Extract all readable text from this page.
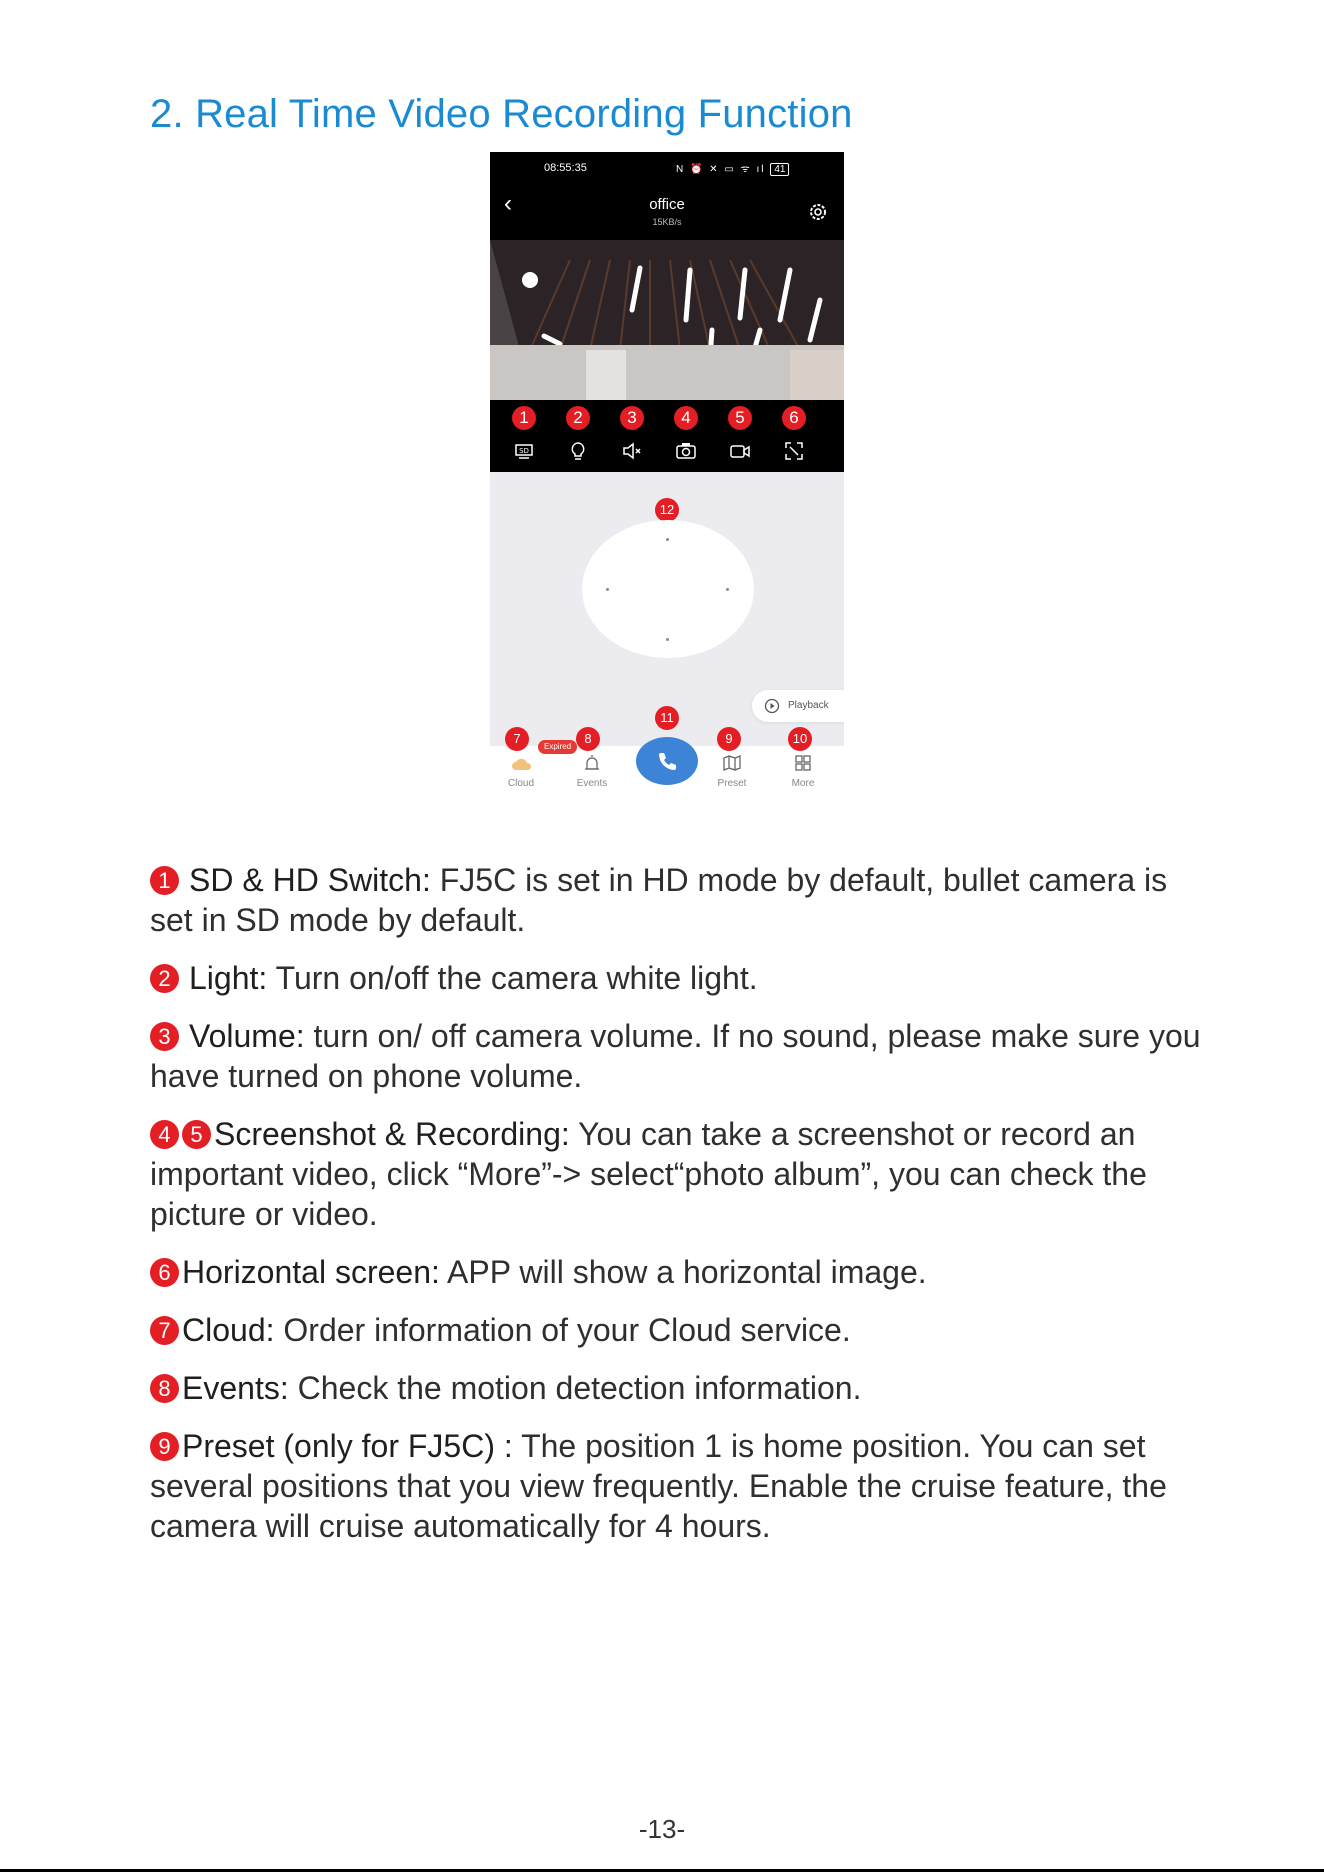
2. Real Time Video Recording Function
08:55:35	N ⏰ ✕ ▭ ᯤ ıl 41
‹	office
15KB/s
1	2	3	4	5	6
SD
12
Playback
11
Cloud	Events	Preset	More
Expired
7	8	9	10

1 SD & HD Switch: FJ5C is set in HD mode by default, bullet camera is set in SD mode by default.

2 Light: Turn on/off the camera white light.

3 Volume: turn on/ off camera volume. If no sound, please make sure you have turned on phone volume.

4 5 Screenshot & Recording: You can take a screenshot or record an important video, click “More”-> select“photo album”, you can check the picture or video.

6 Horizontal screen: APP will show a horizontal image.

7 Cloud: Order information of your Cloud service.

8 Events: Check the motion detection information.

9 Preset (only for FJ5C) : The position 1 is home position. You can set several positions that you view frequently. Enable the cruise feature, the camera will cruise automatically for 4 hours.

-13-
